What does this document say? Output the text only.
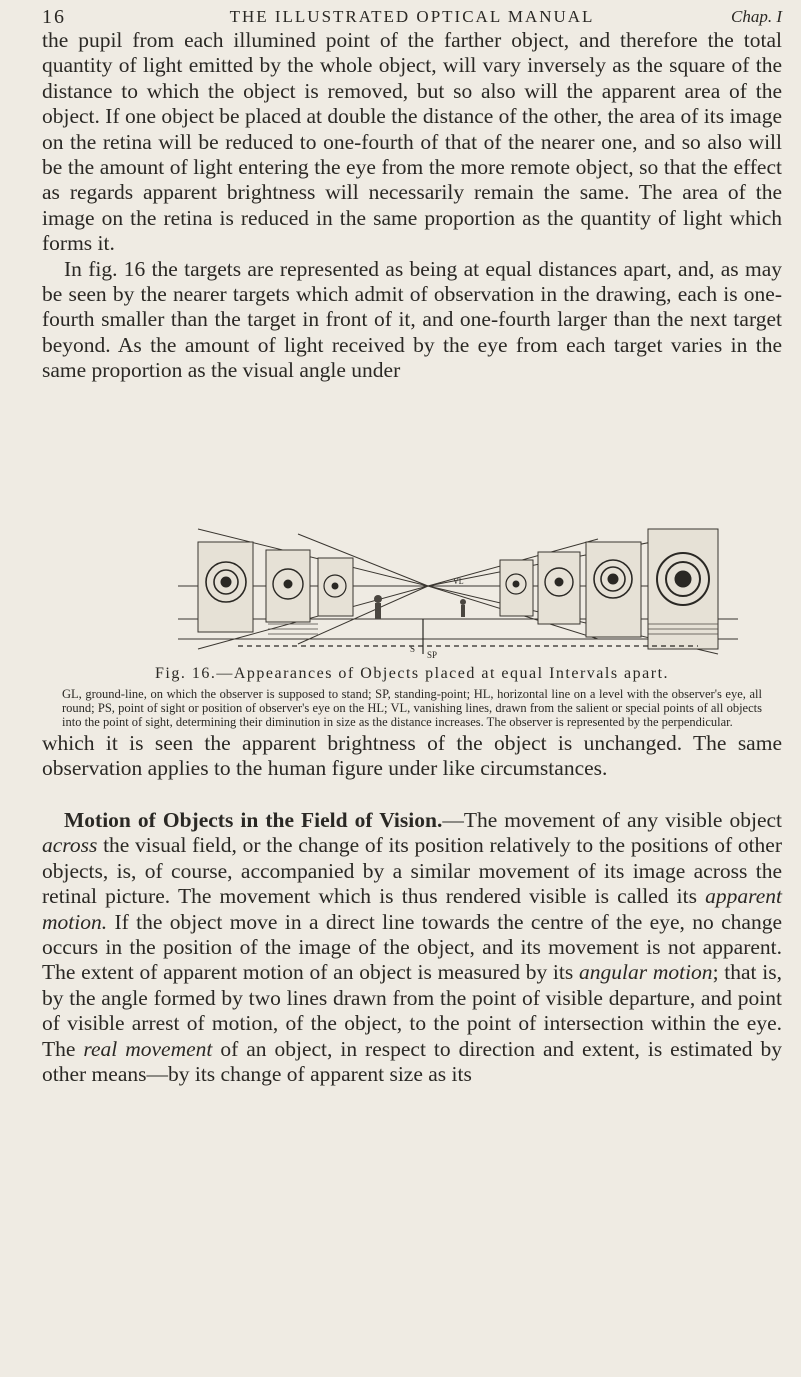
16	THE ILLUSTRATED OPTICAL MANUAL	Chap. I

the pupil from each illumined point of the farther object, and therefore the total quantity of light emitted by the whole object, will vary inversely as the square of the distance to which the object is removed, but so also will the apparent area of the object. If one object be placed at double the distance of the other, the area of its image on the retina will be reduced to one-fourth of that of the nearer one, and so also will be the amount of light entering the eye from the more remote object, so that the effect as regards apparent brightness will necessarily remain the same. The area of the image on the retina is reduced in the same proportion as the quantity of light which forms it.

In fig. 16 the targets are represented as being at equal distances apart, and, as may be seen by the nearer targets which admit of observation in the drawing, each is one-fourth smaller than the target in front of it, and one-fourth larger than the next target beyond. As the amount of light received by the eye from each target varies in the same proportion as the visual angle under

S
SP
VL
Fig. 16.—Appearances of Objects placed at equal Intervals apart.

GL, ground-line, on which the observer is supposed to stand; SP, standing-point; HL, horizontal line on a level with the observer's eye, all round; PS, point of sight or position of observer's eye on the HL; VL, vanishing lines, drawn from the salient or special points of all objects into the point of sight, determining their diminution in size as the distance increases. The observer is represented by the perpendicular.

which it is seen the apparent brightness of the object is unchanged. The same observation applies to the human figure under like circumstances.

Motion of Objects in the Field of Vision.—The movement of any visible object across the visual field, or the change of its position relatively to the positions of other objects, is, of course, accompanied by a similar movement of its image across the retinal picture. The movement which is thus rendered visible is called its apparent motion. If the object move in a direct line towards the centre of the eye, no change occurs in the position of the image of the object, and its movement is not apparent. The extent of apparent motion of an object is measured by its angular motion; that is, by the angle formed by two lines drawn from the point of visible departure, and point of visible arrest of motion, of the object, to the point of intersection within the eye. The real movement of an object, in respect to direction and extent, is estimated by other means—by its change of apparent size as its
